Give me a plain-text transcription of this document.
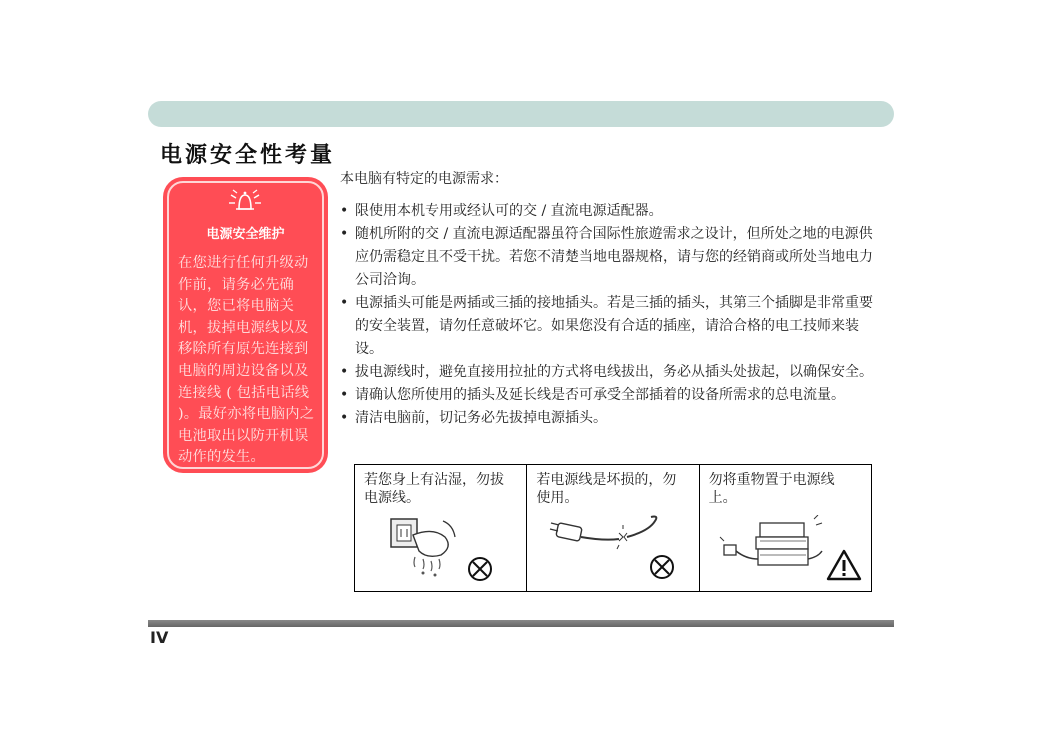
电源安全性考量
电源安全维护
在您进行任何升级动作前，请务必先确认，您已将电脑关机，拔掉电源线以及移除所有原先连接到电脑的周边设备以及连接线 ( 包括电话线 )。最好亦将电脑内之电池取出以防开机误动作的发生。
本电脑有特定的电源需求：
• 限使用本机专用或经认可的交 / 直流电源适配器。
• 随机所附的交 / 直流电源适配器虽符合国际性旅遊需求之设计，但所处之地的电源供应仍需稳定且不受干扰。若您不清楚当地电器规格，请与您的经销商或所处当地电力公司洽询。
• 电源插头可能是两插或三插的接地插头。若是三插的插头，其第三个插脚是非常重要的安全装置，请勿任意破坏它。如果您没有合适的插座，请洽合格的电工技师来装设。
• 拔电源线时，避免直接用拉扯的方式将电线拔出，务必从插头处拔起，以确保安全。
• 请确认您所使用的插头及延长线是否可承受全部插着的设备所需求的总电流量。
• 清洁电脑前，切记务必先拔掉电源插头。
若您身上有沾湿，勿拔电源线。
若电源线是坏损的，勿使用。
勿将重物置于电源线上。
IV
